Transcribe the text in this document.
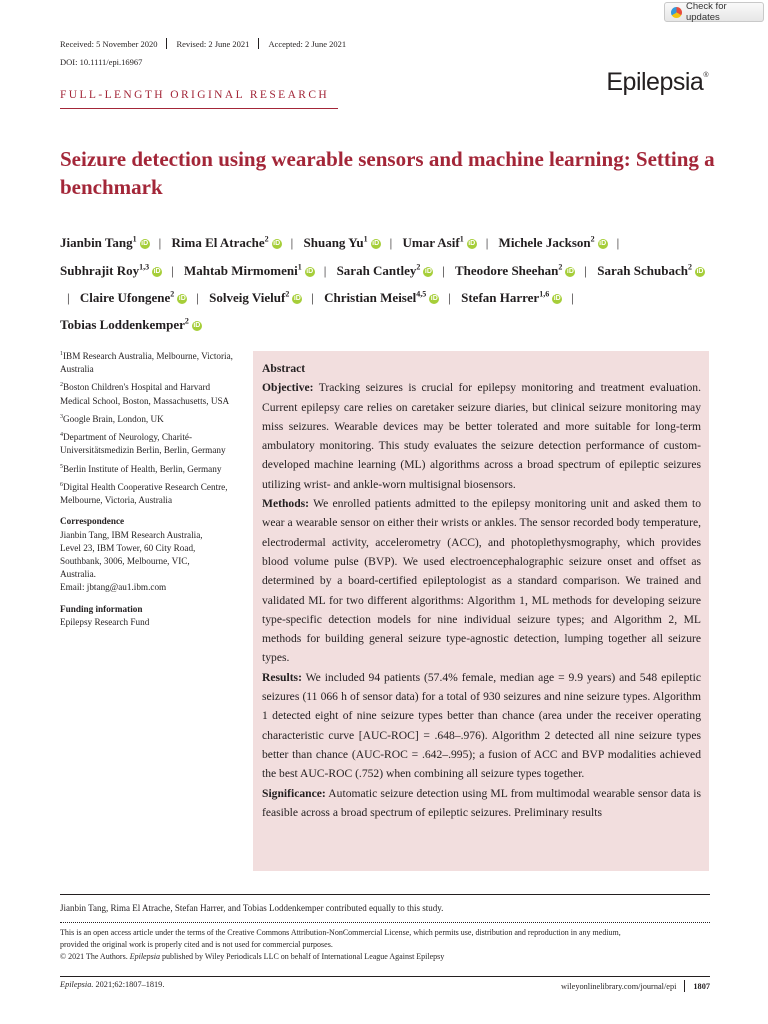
Check for updates
Received: 5 November 2020 Revised: 2 June 2021 Accepted: 2 June 2021
DOI: 10.1111/epi.16967
Epilepsia®
FULL-LENGTH ORIGINAL RESEARCH
Seizure detection using wearable sensors and machine learning: Setting a benchmark
Jianbin Tang$^1$ iD | Rima El Atrache$^2$ iD | Shuang Yu$^1$ iD | Umar Asif$^1$ iD | Michele Jackson$^2$ iD | Subhrajit Roy$^{1,3}$ iD | Mahtab Mirmomeni$^1$ iD | Sarah Cantley$^2$ iD | Theodore Sheehan$^2$ iD | Sarah Schubach$^2$ iD| Claire Ufongene$^2$ iD | Solveig Vieluf$^2$ iD | Christian Meisel$^{4,5}$ iD | Stefan Harrer$^{1,6}$ iD | Tobias Loddenkemper$^2$ iD
$^1$IBM Research Australia, Melbourne, Victoria, Australia
$^2$Boston Children's Hospital and Harvard Medical School, Boston, Massachusetts, USA
$^3$Google Brain, London, UK
$^4$Department of Neurology, Charité-Universitätsmedizin Berlin, Berlin, Germany
$^5$Berlin Institute of Health, Berlin, Germany
$^6$Digital Health Cooperative Research Centre, Melbourne, Victoria, Australia
Correspondence
Jianbin Tang, IBM Research Australia,
Level 23, IBM Tower, 60 City Road,
Southbank, 3006, Melbourne, VIC,
Australia.
Email: jbtang@au1.ibm.com
Funding information
Epilepsy Research Fund
Abstract

Objective: Tracking seizures is crucial for epilepsy monitoring and treatment evaluation. Current epilepsy care relies on caretaker seizure diaries, but clinical seizure monitoring may miss seizures. Wearable devices may be better tolerated and more suitable for long-term ambulatory monitoring. This study evaluates the seizure detection performance of custom-developed machine learning (ML) algorithms across a broad spectrum of epileptic seizures utilizing wrist- and ankle-worn multisignal biosensors.

Methods: We enrolled patients admitted to the epilepsy monitoring unit and asked them to wear a wearable sensor on either their wrists or ankles. The sensor recorded body temperature, electrodermal activity, accelerometry (ACC), and photoplethysmography, which provides blood volume pulse (BVP). We used electroencephalographic seizure onset and offset as determined by a board-certified epileptologist as a standard comparison. We trained and validated ML for two different algorithms: Algorithm 1, ML methods for developing seizure type-specific detection models for nine individual seizure types; and Algorithm 2, ML methods for building general seizure type-agnostic detection, lumping together all seizure types.

Results: We included 94 patients (57.4% female, median age = 9.9 years) and 548 epileptic seizures (11 066 h of sensor data) for a total of 930 seizures and nine seizure types. Algorithm 1 detected eight of nine seizure types better than chance (area under the receiver operating characteristic curve [AUC-ROC] = .648–.976). Algorithm 2 detected all nine seizure types better than chance (AUC-ROC = .642–.995); a fusion of ACC and BVP modalities achieved the best AUC-ROC (.752) when combining all seizure types together.

Significance: Automatic seizure detection using ML from multimodal wearable sensor data is feasible across a broad spectrum of epileptic seizures. Preliminary results

Jianbin Tang, Rima El Atrache, Stefan Harrer, and Tobias Loddenkemper contributed equally to this study.
This is an open access article under the terms of the Creative Commons Attribution-NonCommercial License, which permits use, distribution and reproduction in any medium,
provided the original work is properly cited and is not used for commercial purposes.
© 2021 The Authors. Epilepsia published by Wiley Periodicals LLC on behalf of International League Against Epilepsy
Epilepsia. 2021;62:1807–1819.	wileyonlinelibrary.com/journal/epi 1807
